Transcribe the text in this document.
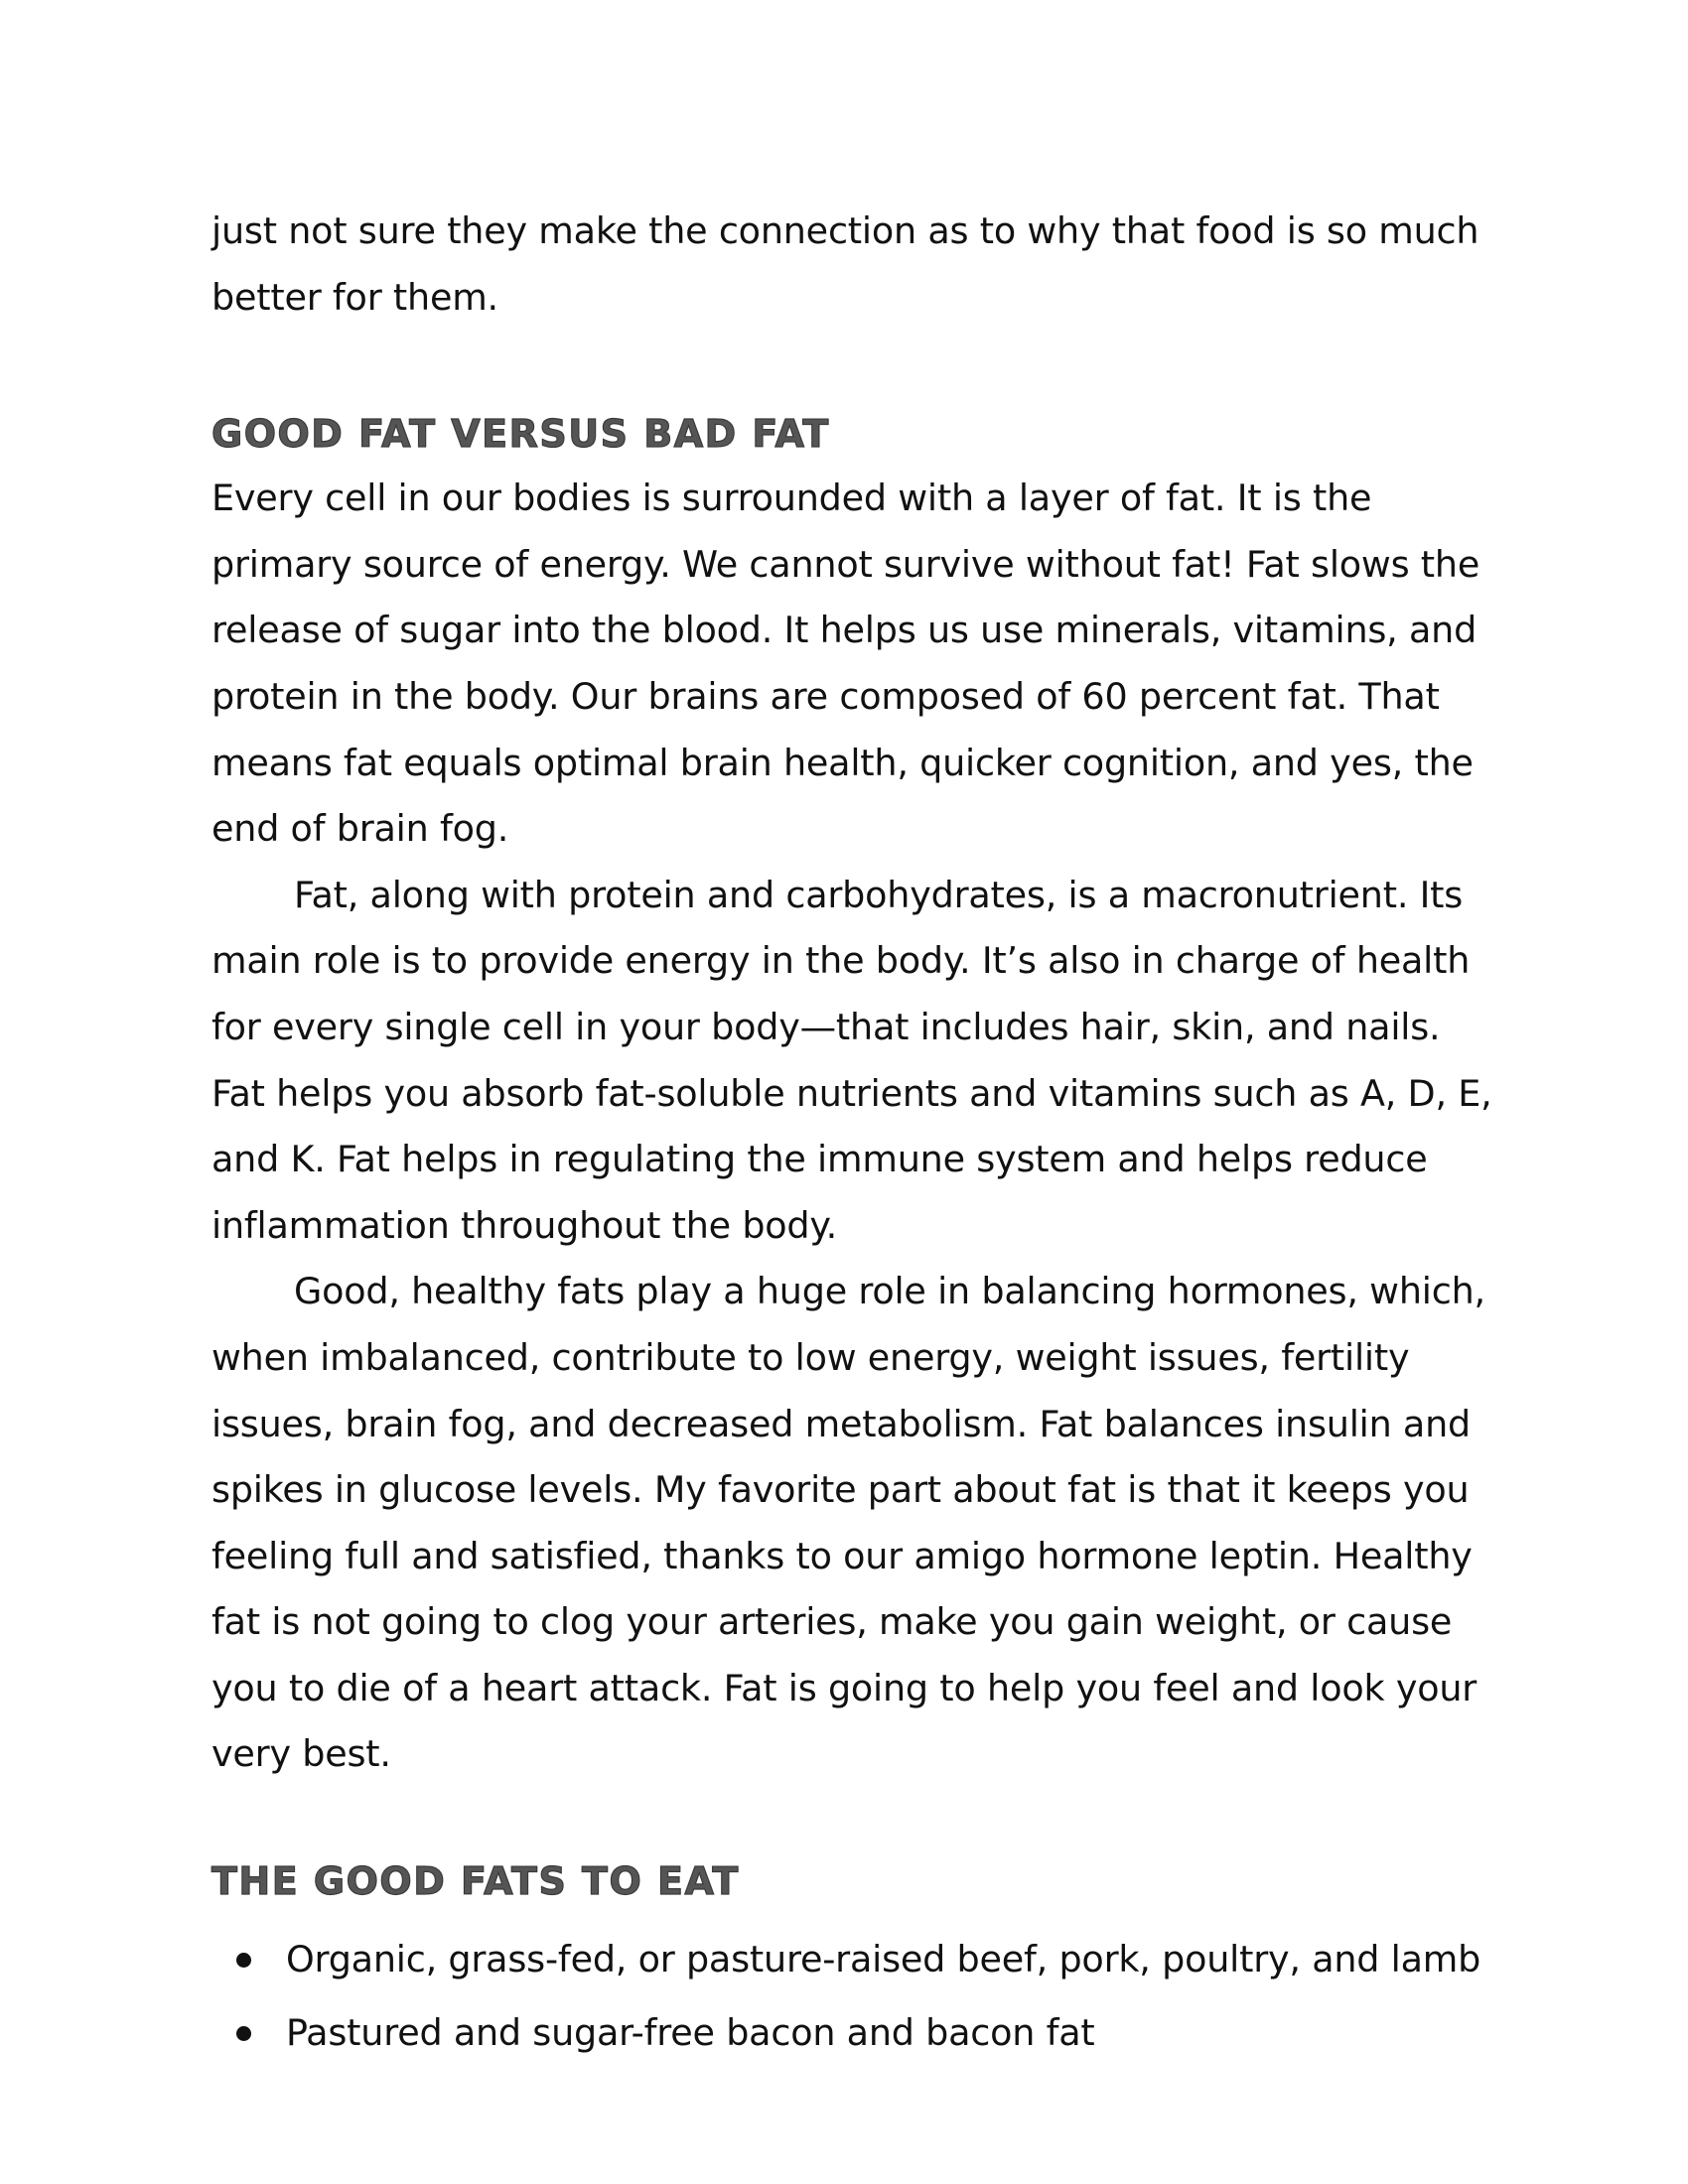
just not sure they make the connection as to why that food is so much better for them.

GOOD FAT VERSUS BAD FAT

Every cell in our bodies is surrounded with a layer of fat. It is the primary source of energy. We cannot survive without fat! Fat slows the release of sugar into the blood. It helps us use minerals, vitamins, and protein in the body. Our brains are composed of 60 percent fat. That means fat equals optimal brain health, quicker cognition, and yes, the end of brain fog.

Fat, along with protein and carbohydrates, is a macronutrient. Its main role is to provide energy in the body. It’s also in charge of health for every single cell in your body—that includes hair, skin, and nails. Fat helps you absorb fat-soluble nutrients and vitamins such as A, D, E, and K. Fat helps in regulating the immune system and helps reduce inflammation throughout the body.

Good, healthy fats play a huge role in balancing hormones, which, when imbalanced, contribute to low energy, weight issues, fertility issues, brain fog, and decreased metabolism. Fat balances insulin and spikes in glucose levels. My favorite part about fat is that it keeps you feeling full and satisfied, thanks to our amigo hormone leptin. Healthy fat is not going to clog your arteries, make you gain weight, or cause you to die of a heart attack. Fat is going to help you feel and look your very best.

THE GOOD FATS TO EAT
Organic, grass-fed, or pasture-raised beef, pork, poultry, and lamb
Pastured and sugar-free bacon and bacon fat
